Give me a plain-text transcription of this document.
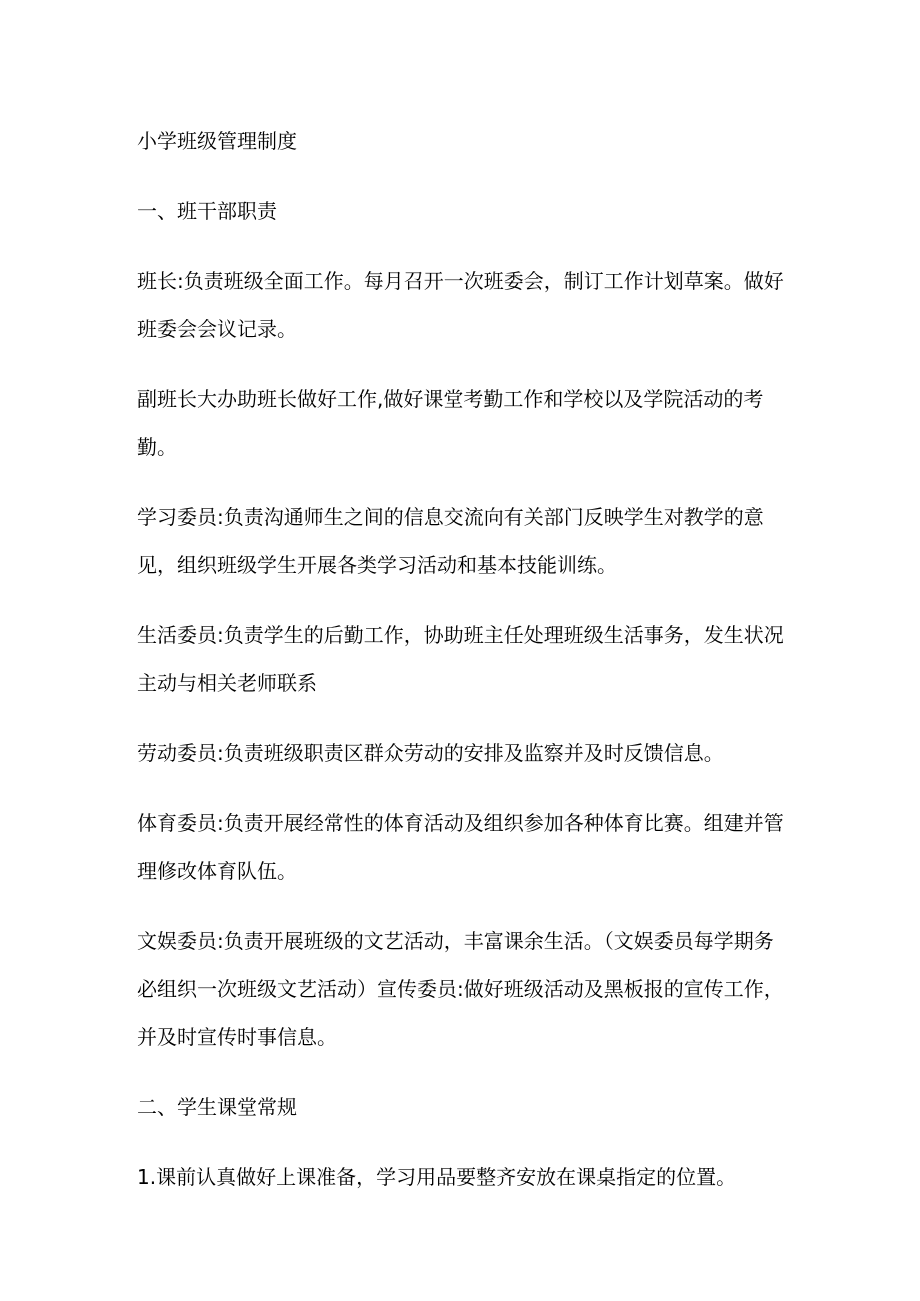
小学班级管理制度
一、班干部职责
班长:负责班级全面工作。每月召开一次班委会，制订工作计划草案。做好
班委会会议记录。
副班长大办助班长做好工作,做好课堂考勤工作和学校以及学院活动的考
勤。
学习委员:负责沟通师生之间的信息交流向有关部门反映学生对教学的意
见，组织班级学生开展各类学习活动和基本技能训练。
生活委员:负责学生的后勤工作，协助班主任处理班级生活事务，发生状况
主动与相关老师联系
劳动委员:负责班级职责区群众劳动的安排及监察并及时反馈信息。
体育委员:负责开展经常性的体育活动及组织参加各种体育比赛。组建并管
理修改体育队伍。
文娱委员:负责开展班级的文艺活动，丰富课余生活。（文娱委员每学期务
必组织一次班级文艺活动）宣传委员:做好班级活动及黑板报的宣传工作，
并及时宣传时事信息。
二、学生课堂常规
1.课前认真做好上课准备，学习用品要整齐安放在课桌指定的位置。
